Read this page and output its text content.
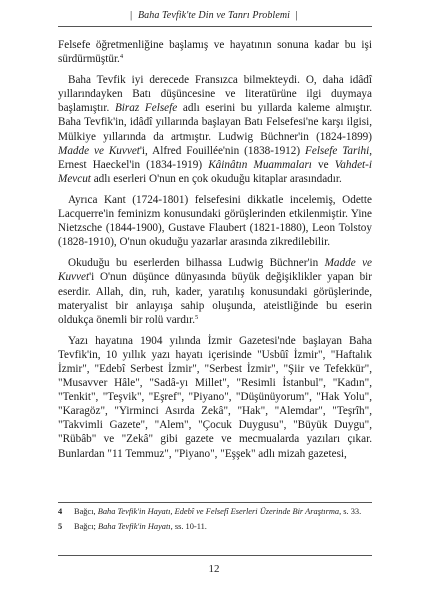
| Baha Tevfik'te Din ve Tanrı Problemi |

Felsefe öğretmenliğine başlamış ve hayatının sonuna kadar bu işi sürdürmüştür.$^4$

Baha Tevfik iyi derecede Fransızca bilmekteydi. O, daha idâdî yıllarındayken Batı düşüncesine ve literatürüne ilgi duymaya başlamıştır. Biraz Felsefe adlı eserini bu yıllarda kaleme almıştır. Baha Tevfik'in, idâdî yıllarında başlayan Batı Felsefesi'ne karşı ilgisi, Mülkiye yıllarında da artmıştır. Ludwig Büchner'in (1824-1899) Madde ve Kuvvet'i, Alfred Fouillée'nin (1838-1912) Felsefe Tarihi, Ernest Haeckel'in (1834-1919) Kâinâtın Muammaları ve Vahdet-i Mevcut adlı eserleri O'nun en çok okuduğu kitaplar arasındadır.

Ayrıca Kant (1724-1801) felsefesini dikkatle incelemiş, Odette Lacquerre'in feminizm konusundaki görüşlerinden etkilenmiştir. Yine Nietzsche (1844-1900), Gustave Flaubert (1821-1880), Leon Tolstoy (1828-1910), O'nun okuduğu yazarlar arasında zikredilebilir.

Okuduğu bu eserlerden bilhassa Ludwig Büchner'in Madde ve Kuvvet'i O'nun düşünce dünyasında büyük değişiklikler yapan bir eserdir. Allah, din, ruh, kader, yaratılış konusundaki görüşlerinde, materyalist bir anlayışa sahip oluşunda, ateistliğinde bu eserin oldukça önemli bir rolü vardır.$^5$

Yazı hayatına 1904 yılında İzmir Gazetesi'nde başlayan Baha Tevfik'in, 10 yıllık yazı hayatı içerisinde "Usbûî İzmir", "Haftalık İzmir", "Edebî Serbest İzmir", "Serbest İzmir", "Şiir ve Tefekkür", "Musavver Hâle", "Sadâ-yı Millet", "Resimli İstanbul", "Kadın", "Tenkit", "Teşvik", "Eşref", "Piyano", "Düşünüyorum", "Hak Yolu", "Karagöz", "Yirminci Asırda Zekâ", "Hak", "Alemdar", "Teşrîh", "Takvimli Gazete", "Alem", "Çocuk Duygusu", "Büyük Duygu", "Rübâb" ve "Zekâ" gibi gazete ve mecmualarda yazıları çıkar. Bunlardan "11 Temmuz", "Piyano", "Eşşek" adlı mizah gazetesi,

4	Bağcı, Baha Tevfik'in Hayatı, Edebî ve Felsefî Eserleri Üzerinde Bir Araştırma, s. 33.
5	Bağcı; Baha Tevfik'in Hayatı, ss. 10-11.
12
